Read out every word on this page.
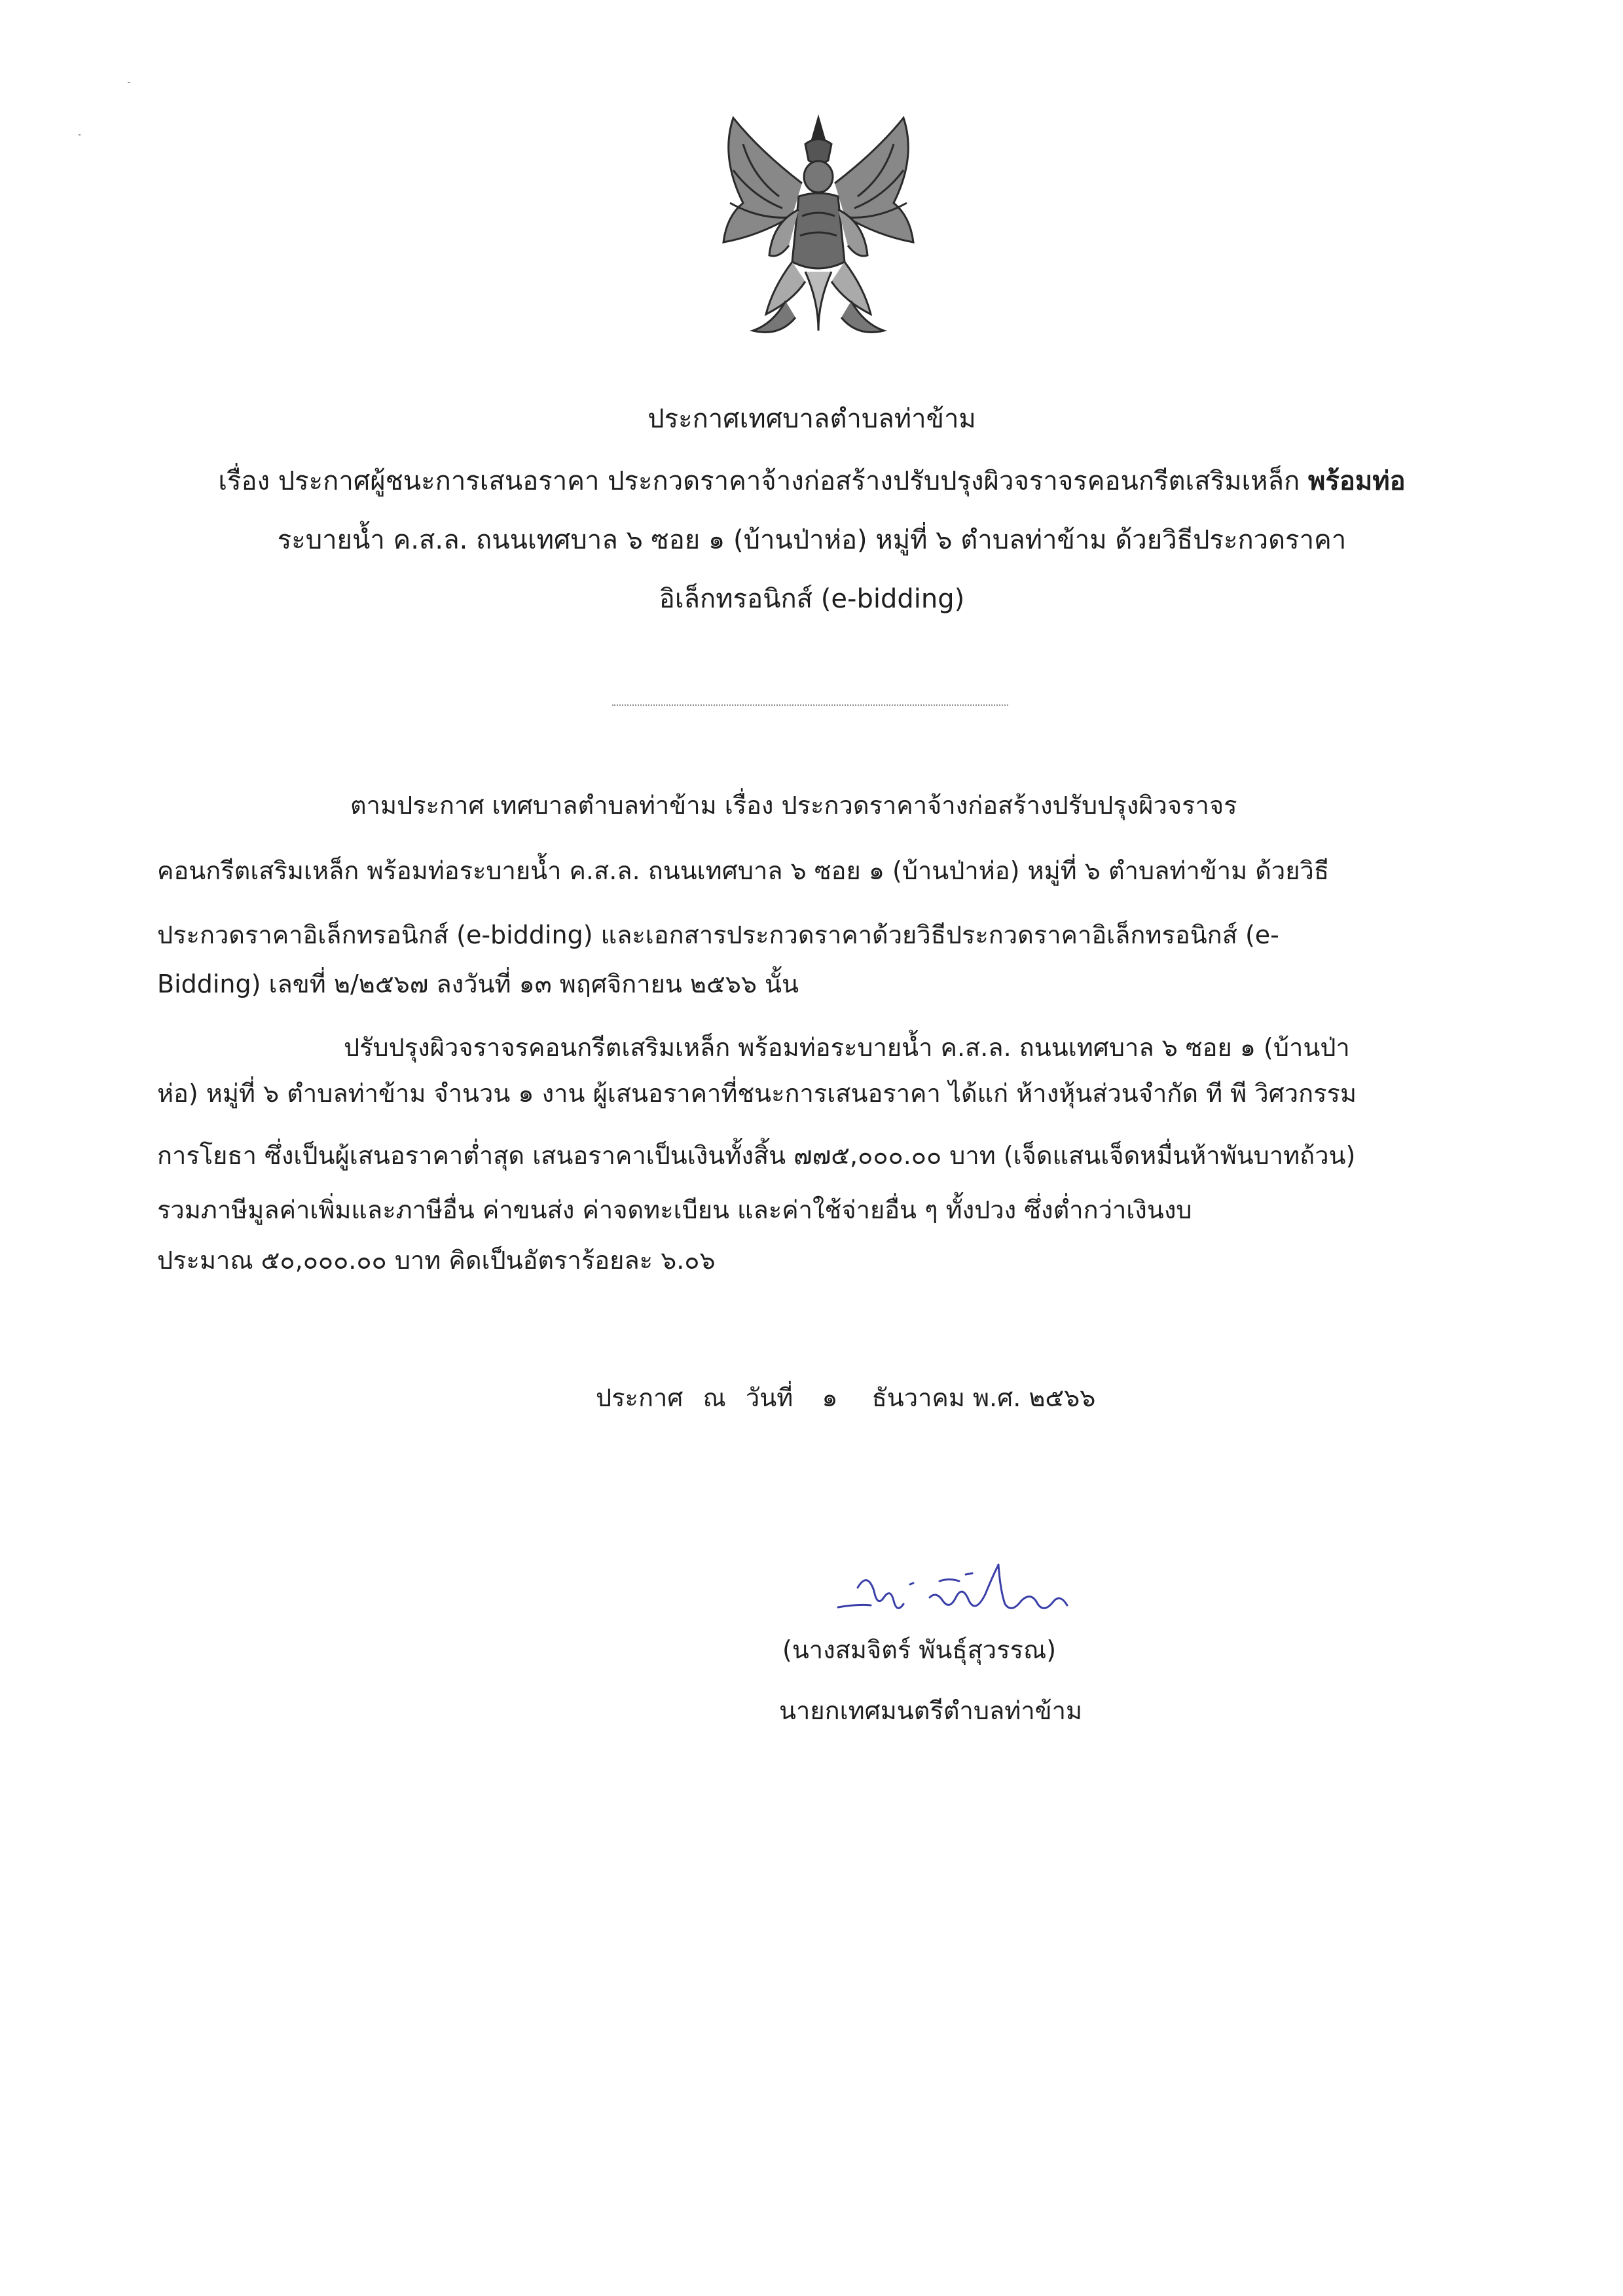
ประกาศเทศบาลตำบลท่าข้าม
เรื่อง ประกาศผู้ชนะการเสนอราคา ประกวดราคาจ้างก่อสร้างปรับปรุงผิวจราจรคอนกรีตเสริมเหล็ก พร้อมท่อ
ระบายน้ำ ค.ส.ล. ถนนเทศบาล ๖ ซอย ๑ (บ้านป่าห่อ) หมู่ที่ ๖ ตำบลท่าข้าม ด้วยวิธีประกวดราคา
อิเล็กทรอนิกส์ (e-bidding)
ตามประกาศ เทศบาลตำบลท่าข้าม เรื่อง ประกวดราคาจ้างก่อสร้างปรับปรุงผิวจราจร
คอนกรีตเสริมเหล็ก พร้อมท่อระบายน้ำ ค.ส.ล. ถนนเทศบาล ๖ ซอย ๑ (บ้านป่าห่อ) หมู่ที่ ๖ ตำบลท่าข้าม ด้วยวิธี
ประกวดราคาอิเล็กทรอนิกส์ (e-bidding) และเอกสารประกวดราคาด้วยวิธีประกวดราคาอิเล็กทรอนิกส์ (e-
Bidding) เลขที่ ๒/๒๕๖๗ ลงวันที่ ๑๓ พฤศจิกายน ๒๕๖๖ นั้น
ปรับปรุงผิวจราจรคอนกรีตเสริมเหล็ก พร้อมท่อระบายน้ำ ค.ส.ล. ถนนเทศบาล ๖ ซอย ๑ (บ้านป่า
ห่อ) หมู่ที่ ๖ ตำบลท่าข้าม จำนวน ๑ งาน ผู้เสนอราคาที่ชนะการเสนอราคา ได้แก่ ห้างหุ้นส่วนจำกัด ที พี วิศวกรรม
การโยธา ซึ่งเป็นผู้เสนอราคาต่ำสุด เสนอราคาเป็นเงินทั้งสิ้น ๗๗๕,๐๐๐.๐๐ บาท (เจ็ดแสนเจ็ดหมื่นห้าพันบาทถ้วน)
รวมภาษีมูลค่าเพิ่มและภาษีอื่น ค่าขนส่ง ค่าจดทะเบียน และค่าใช้จ่ายอื่น ๆ ทั้งปวง ซึ่งต่ำกว่าเงินงบ
ประมาณ ๕๐,๐๐๐.๐๐ บาท คิดเป็นอัตราร้อยละ ๖.๐๖
ประกาศ ณ วันที่ ๑ ธันวาคม พ.ศ. ๒๕๖๖
(นางสมจิตร์ พันธุ์สุวรรณ)
นายกเทศมนตรีตำบลท่าข้าม
